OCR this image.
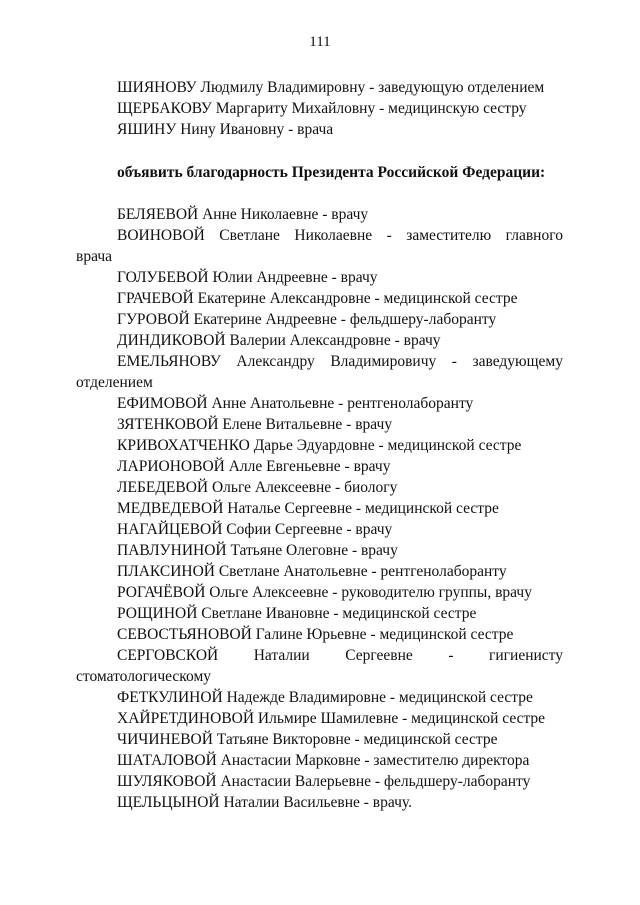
111
ШИЯНОВУ Людмилу Владимировну - заведующую отделением
ЩЕРБАКОВУ Маргариту Михайловну - медицинскую сестру
ЯШИНУ Нину Ивановну - врача
объявить благодарность Президента Российской Федерации:
БЕЛЯЕВОЙ Анне Николаевне - врачу
ВОИНОВОЙ Светлане Николаевне - заместителю главного
врача
ГОЛУБЕВОЙ Юлии Андреевне - врачу
ГРАЧЕВОЙ Екатерине Александровне - медицинской сестре
ГУРОВОЙ Екатерине Андреевне - фельдшеру-лаборанту
ДИНДИКОВОЙ Валерии Александровне - врачу
ЕМЕЛЬЯНОВУ Александру Владимировичу - заведующему
отделением
ЕФИМОВОЙ Анне Анатольевне - рентгенолаборанту
ЗЯТЕНКОВОЙ Елене Витальевне - врачу
КРИВОХАТЧЕНКО Дарье Эдуардовне - медицинской сестре
ЛАРИОНОВОЙ Алле Евгеньевне - врачу
ЛЕБЕДЕВОЙ Ольге Алексеевне - биологу
МЕДВЕДЕВОЙ Наталье Сергеевне - медицинской сестре
НАГАЙЦЕВОЙ Софии Сергеевне - врачу
ПАВЛУНИНОЙ Татьяне Олеговне - врачу
ПЛАКСИНОЙ Светлане Анатольевне - рентгенолаборанту
РОГАЧЁВОЙ Ольге Алексеевне - руководителю группы, врачу
РОЩИНОЙ Светлане Ивановне - медицинской сестре
СЕВОСТЬЯНОВОЙ Галине Юрьевне - медицинской сестре
СЕРГОВСКОЙ Наталии Сергеевне - гигиенисту
стоматологическому
ФЕТКУЛИНОЙ Надежде Владимировне - медицинской сестре
ХАЙРЕТДИНОВОЙ Ильмире Шамилевне - медицинской сестре
ЧИЧИНЕВОЙ Татьяне Викторовне - медицинской сестре
ШАТАЛОВОЙ Анастасии Марковне - заместителю директора
ШУЛЯКОВОЙ Анастасии Валерьевне - фельдшеру-лаборанту
ЩЕЛЬЦЫНОЙ Наталии Васильевне - врачу.
